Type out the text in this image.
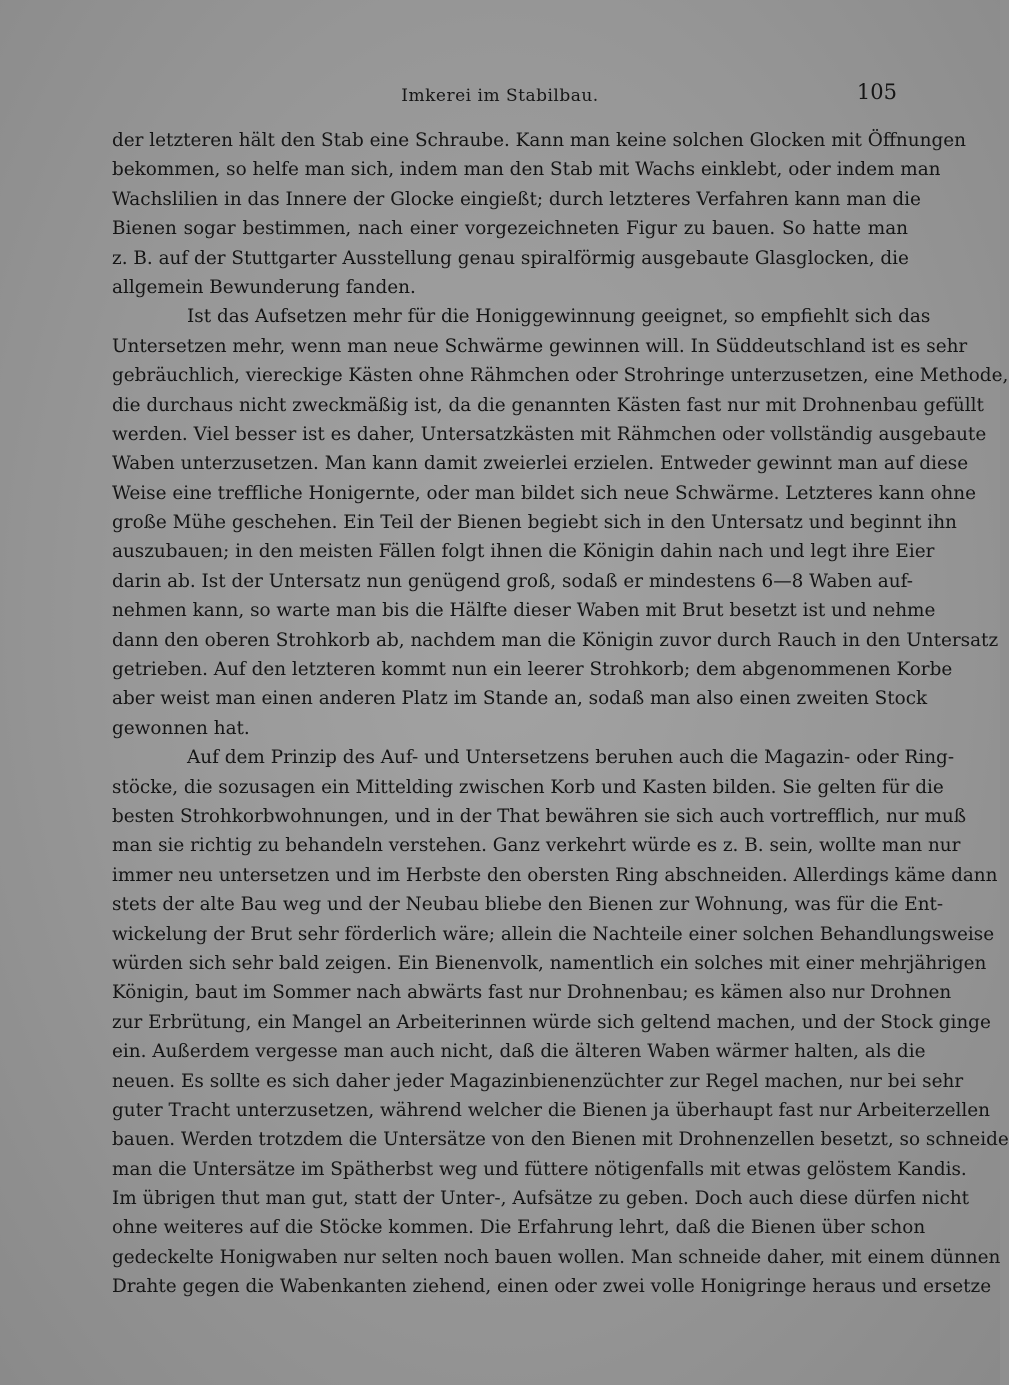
Imkerei im Stabilbau.	105
der letzteren hält den Stab eine Schraube. Kann man keine solchen Glocken mit Öffnungen
bekommen, so helfe man sich, indem man den Stab mit Wachs einklebt, oder indem man
Wachslilien in das Innere der Glocke eingießt; durch letzteres Verfahren kann man die
Bienen sogar bestimmen, nach einer vorgezeichneten Figur zu bauen. So hatte man
z. B. auf der Stuttgarter Ausstellung genau spiralförmig ausgebaute Glasglocken, die
allgemein Bewunderung fanden.
Ist das Aufsetzen mehr für die Honiggewinnung geeignet, so empfiehlt sich das
Untersetzen mehr, wenn man neue Schwärme gewinnen will. In Süddeutschland ist es sehr
gebräuchlich, viereckige Kästen ohne Rähmchen oder Strohringe unterzusetzen, eine Methode,
die durchaus nicht zweckmäßig ist, da die genannten Kästen fast nur mit Drohnenbau gefüllt
werden. Viel besser ist es daher, Untersatzkästen mit Rähmchen oder vollständig ausgebaute
Waben unterzusetzen. Man kann damit zweierlei erzielen. Entweder gewinnt man auf diese
Weise eine treffliche Honigernte, oder man bildet sich neue Schwärme. Letzteres kann ohne
große Mühe geschehen. Ein Teil der Bienen begiebt sich in den Untersatz und beginnt ihn
auszubauen; in den meisten Fällen folgt ihnen die Königin dahin nach und legt ihre Eier
darin ab. Ist der Untersatz nun genügend groß, sodaß er mindestens 6—8 Waben auf-
nehmen kann, so warte man bis die Hälfte dieser Waben mit Brut besetzt ist und nehme
dann den oberen Strohkorb ab, nachdem man die Königin zuvor durch Rauch in den Untersatz
getrieben. Auf den letzteren kommt nun ein leerer Strohkorb; dem abgenommenen Korbe
aber weist man einen anderen Platz im Stande an, sodaß man also einen zweiten Stock
gewonnen hat.
Auf dem Prinzip des Auf- und Untersetzens beruhen auch die Magazin- oder Ring-
stöcke, die sozusagen ein Mittelding zwischen Korb und Kasten bilden. Sie gelten für die
besten Strohkorbwohnungen, und in der That bewähren sie sich auch vortrefflich, nur muß
man sie richtig zu behandeln verstehen. Ganz verkehrt würde es z. B. sein, wollte man nur
immer neu untersetzen und im Herbste den obersten Ring abschneiden. Allerdings käme dann
stets der alte Bau weg und der Neubau bliebe den Bienen zur Wohnung, was für die Ent-
wickelung der Brut sehr förderlich wäre; allein die Nachteile einer solchen Behandlungsweise
würden sich sehr bald zeigen. Ein Bienenvolk, namentlich ein solches mit einer mehrjährigen
Königin, baut im Sommer nach abwärts fast nur Drohnenbau; es kämen also nur Drohnen
zur Erbrütung, ein Mangel an Arbeiterinnen würde sich geltend machen, und der Stock ginge
ein. Außerdem vergesse man auch nicht, daß die älteren Waben wärmer halten, als die
neuen. Es sollte es sich daher jeder Magazinbienenzüchter zur Regel machen, nur bei sehr
guter Tracht unterzusetzen, während welcher die Bienen ja überhaupt fast nur Arbeiterzellen
bauen. Werden trotzdem die Untersätze von den Bienen mit Drohnenzellen besetzt, so schneide
man die Untersätze im Spätherbst weg und füttere nötigenfalls mit etwas gelöstem Kandis.
Im übrigen thut man gut, statt der Unter-, Aufsätze zu geben. Doch auch diese dürfen nicht
ohne weiteres auf die Stöcke kommen. Die Erfahrung lehrt, daß die Bienen über schon
gedeckelte Honigwaben nur selten noch bauen wollen. Man schneide daher, mit einem dünnen
Drahte gegen die Wabenkanten ziehend, einen oder zwei volle Honigringe heraus und ersetze
